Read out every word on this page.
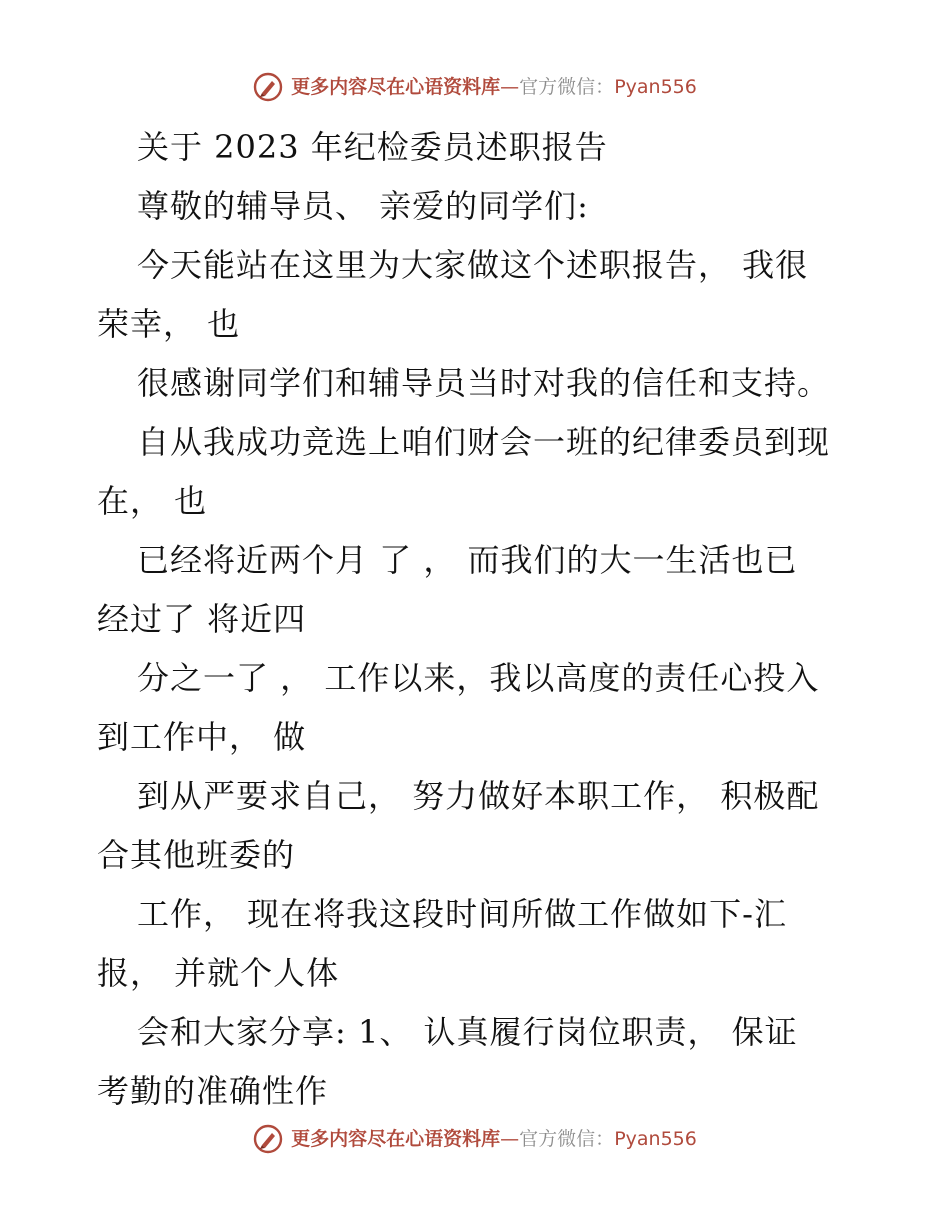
更多内容尽在心语资料库 — 官方微信： Pyan556
关于 2023 年纪检委员述职报告
尊敬的辅导员、 亲爱的同学们:
今天能站在这里为大家做这个述职报告， 我很
荣幸， 也
很感谢同学们和辅导员当时对我的信任和支持。
自从我成功竞选上咱们财会一班的纪律委员到现
在， 也
已经将近两个月 了 ， 而我们的大一生活也已
经过了 将近四
分之一了 ， 工作以来，我以高度的责任心投入
到工作中， 做
到从严要求自己， 努力做好本职工作， 积极配
合其他班委的
工作， 现在将我这段时间所做工作做如下-汇
报， 并就个人体
会和大家分享: 1、 认真履行岗位职责， 保证
考勤的准确性作
更多内容尽在心语资料库 — 官方微信： Pyan556
